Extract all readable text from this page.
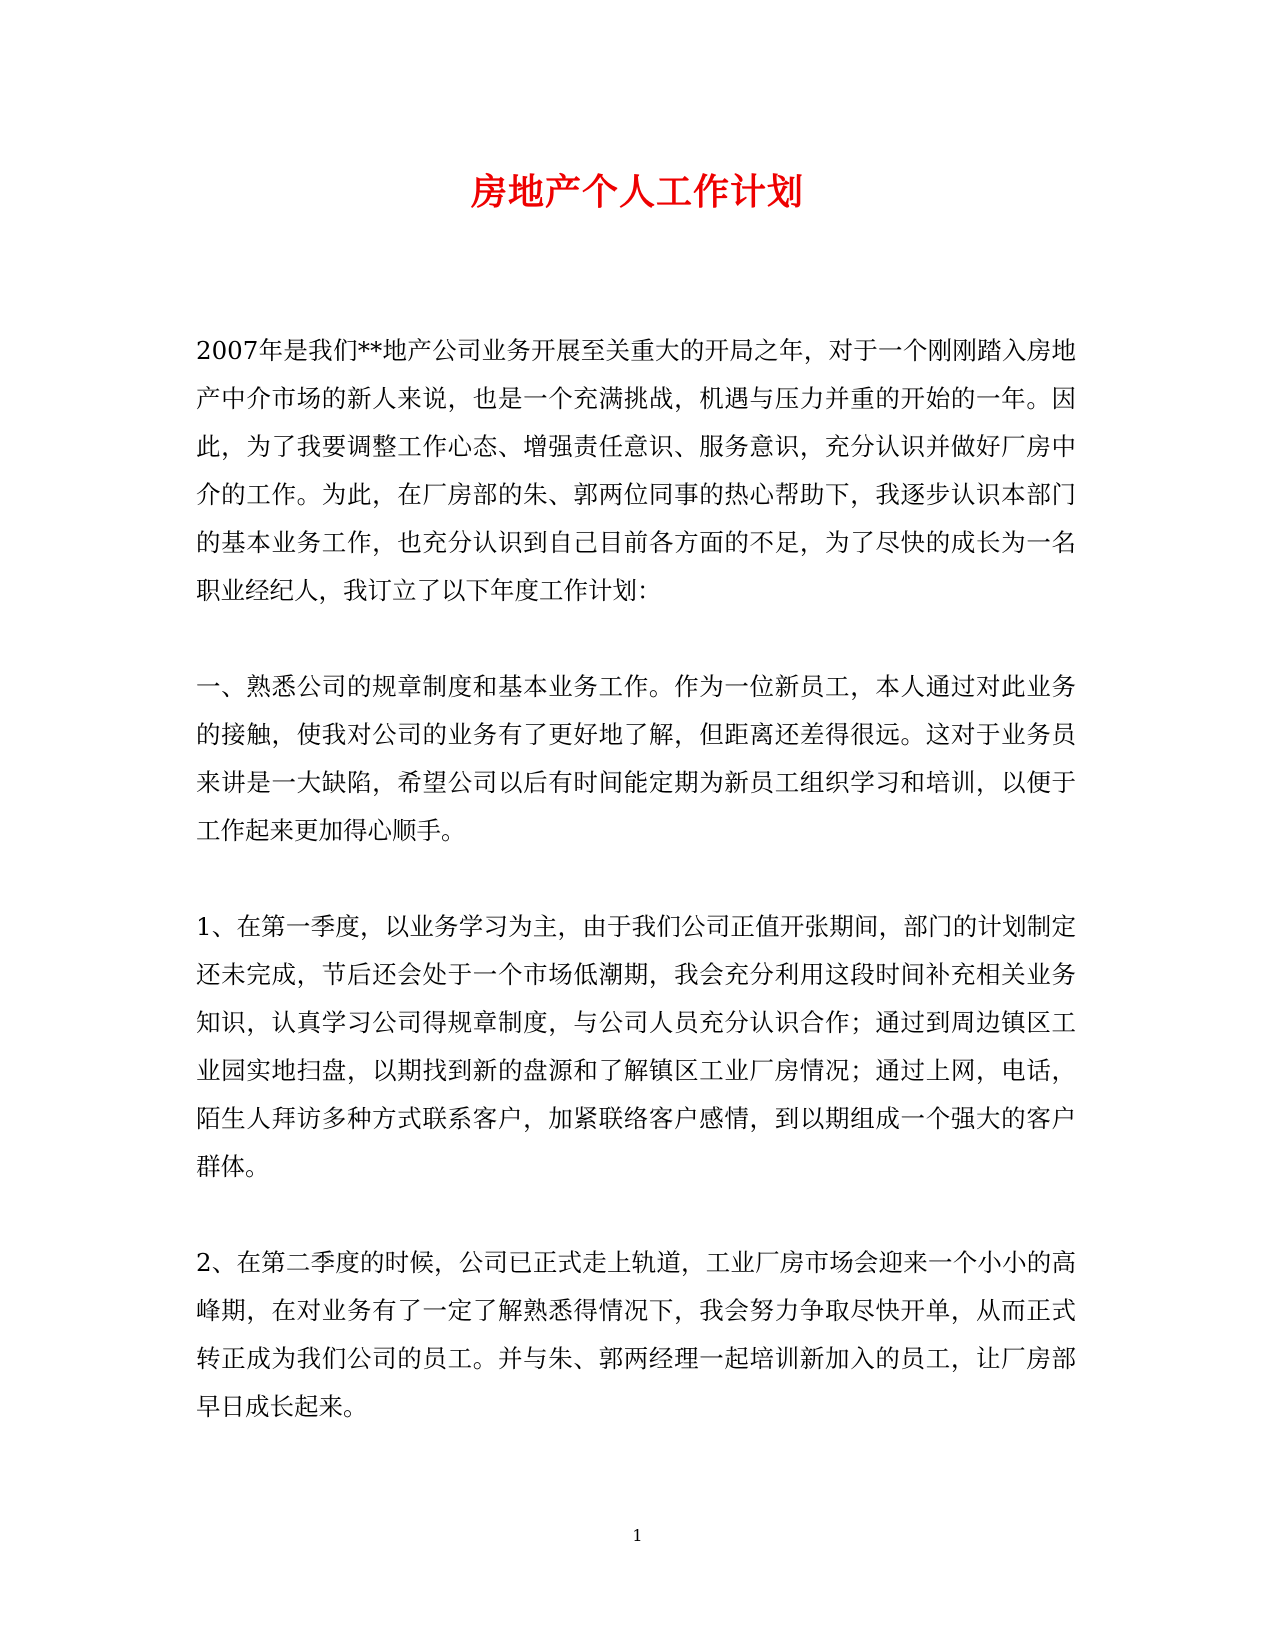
房地产个人工作计划

2007年是我们**地产公司业务开展至关重大的开局之年，对于一个刚刚踏入房地产中介市场的新人来说，也是一个充满挑战，机遇与压力并重的开始的一年。因此，为了我要调整工作心态、增强责任意识、服务意识，充分认识并做好厂房中介的工作。为此，在厂房部的朱、郭两位同事的热心帮助下，我逐步认识本部门的基本业务工作，也充分认识到自己目前各方面的不足，为了尽快的成长为一名职业经纪人，我订立了以下年度工作计划：

一、熟悉公司的规章制度和基本业务工作。作为一位新员工，本人通过对此业务的接触，使我对公司的业务有了更好地了解，但距离还差得很远。这对于业务员来讲是一大缺陷，希望公司以后有时间能定期为新员工组织学习和培训，以便于工作起来更加得心顺手。

1、在第一季度，以业务学习为主，由于我们公司正值开张期间，部门的计划制定还未完成，节后还会处于一个市场低潮期，我会充分利用这段时间补充相关业务知识，认真学习公司得规章制度，与公司人员充分认识合作；通过到周边镇区工业园实地扫盘，以期找到新的盘源和了解镇区工业厂房情况；通过上网，电话，陌生人拜访多种方式联系客户，加紧联络客户感情，到以期组成一个强大的客户群体。

2、在第二季度的时候，公司已正式走上轨道，工业厂房市场会迎来一个小小的高峰期，在对业务有了一定了解熟悉得情况下，我会努力争取尽快开单，从而正式转正成为我们公司的员工。并与朱、郭两经理一起培训新加入的员工，让厂房部早日成长起来。

1
